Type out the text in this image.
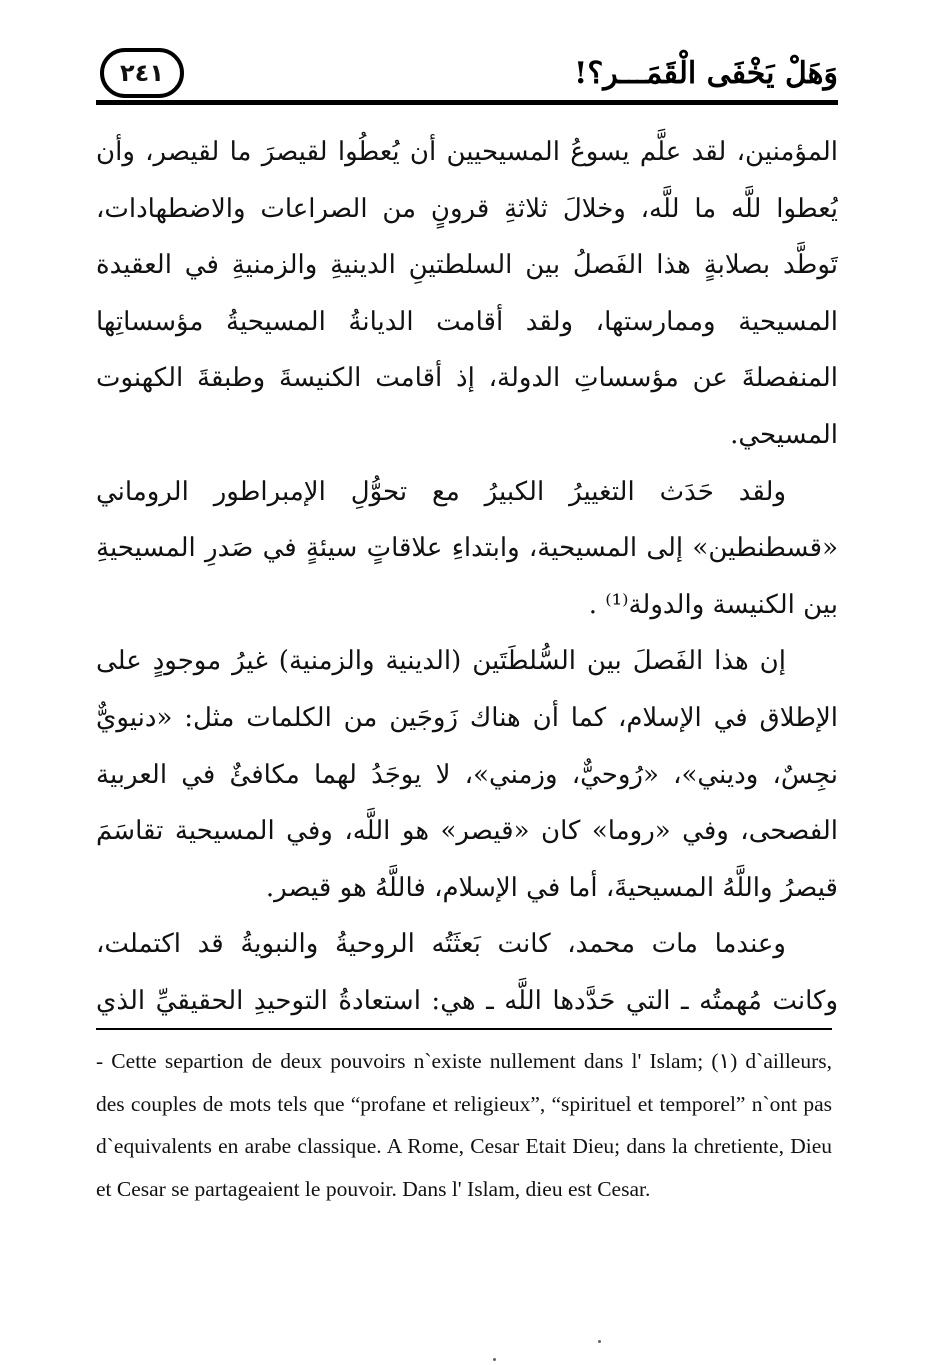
٢٤١	وَهَلْ يَخْفَى الْقَمَـــر؟!

المؤمنين، لقد علَّم يسوعُ المسيحيين أن يُعطُوا لقيصرَ ما لقيصر، وأن يُعطوا للَّه ما للَّه، وخلالَ ثلاثةِ قرونٍ من الصراعات والاضطهادات، تَوطَّد بصلابةٍ هذا الفَصلُ بين السلطتينِ الدينيةِ والزمنيةِ في العقيدة المسيحية وممارستها، ولقد أقامت الديانةُ المسيحيةُ مؤسساتِها المنفصلةَ عن مؤسساتِ الدولة، إذ أقامت الكنيسةَ وطبقةَ الكهنوت المسيحي.

ولقد حَدَث التغييرُ الكبيرُ مع تحوُّلِ الإمبراطور الروماني «قسطنطين» إلى المسيحية، وابتداءِ علاقاتٍ سيئةٍ في صَدرِ المسيحيةِ بين الكنيسة والدولة⁽¹⁾ .

إن هذا الفَصلَ بين السُّلطَتَين (الدينية والزمنية) غيرُ موجودٍ على الإطلاق في الإسلام، كما أن هناك زَوجَين من الكلمات مثل: «دنيويٌّ نجِسٌ، وديني»، «رُوحيٌّ، وزمني»، لا يوجَدُ لهما مكافئٌ في العربية الفصحى، وفي «روما» كان «قيصر» هو اللَّه، وفي المسيحية تقاسَمَ قيصرُ واللَّهُ المسيحيةَ، أما في الإسلام، فاللَّهُ هو قيصر.

وعندما مات محمد، كانت بَعثَتُه الروحيةُ والنبويةُ قد اكتملت، وكانت مُهمتُه ـ التي حَدَّدها اللَّه ـ هي: استعادةُ التوحيدِ الحقيقيِّ الذي

- Cette separtion de deux pouvoirs n`existe nullement dans l' Islam; (١) d`ailleurs, des couples de mots tels que “profane et religieux”, “spirituel et temporel” n`ont pas d`equivalents en arabe classique. A Rome, Cesar Etait Dieu; dans la chretiente, Dieu et Cesar se partageaient le pouvoir. Dans l' Islam, dieu est Cesar.
